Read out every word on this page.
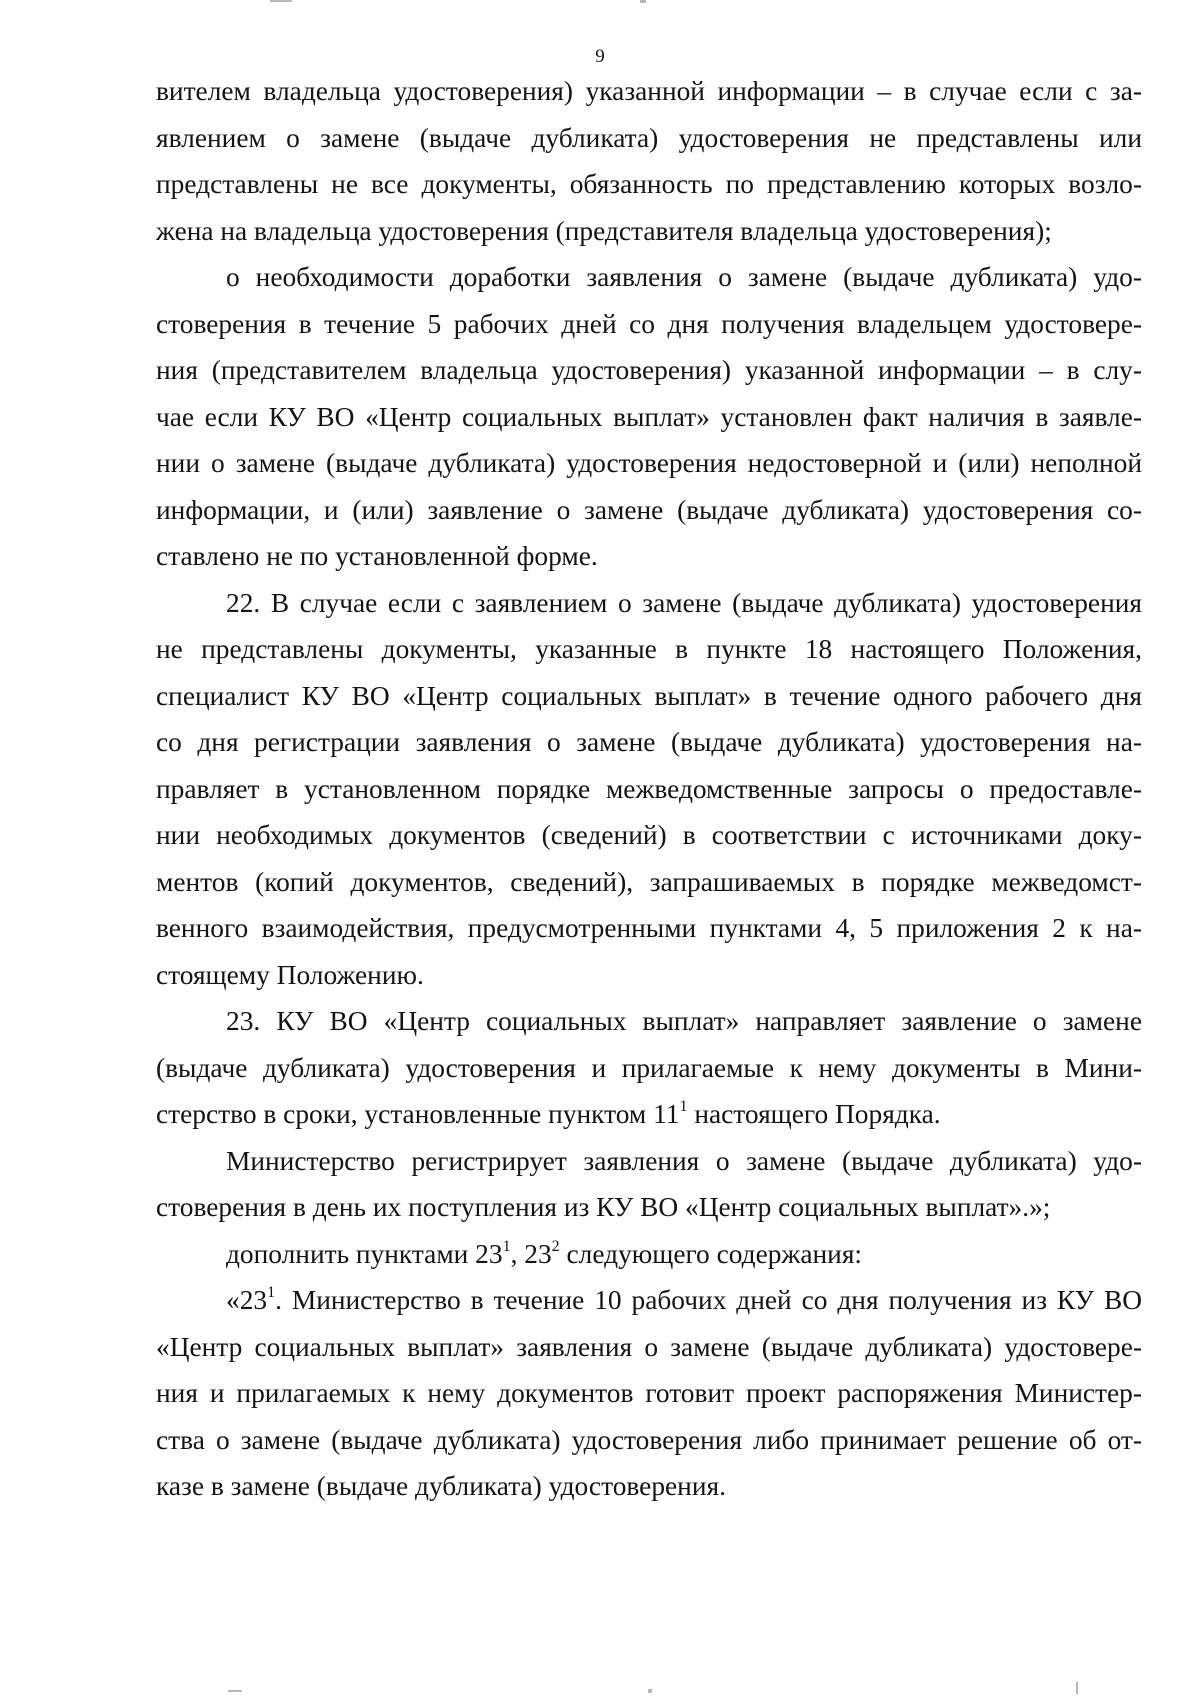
9

вителем владельца удостоверения) указанной информации – в случае если с за-
явлением о замене (выдаче дубликата) удостоверения не представлены или
представлены не все документы, обязанность по представлению которых возло-
жена на владельца удостоверения (представителя владельца удостоверения);

о необходимости доработки заявления о замене (выдаче дубликата) удо-
стоверения в течение 5 рабочих дней со дня получения владельцем удостовере-
ния (представителем владельца удостоверения) указанной информации – в слу-
чае если КУ ВО «Центр социальных выплат» установлен факт наличия в заявле-
нии о замене (выдаче дубликата) удостоверения недостоверной и (или) неполной
информации, и (или) заявление о замене (выдаче дубликата) удостоверения со-
ставлено не по установленной форме.

22. В случае если с заявлением о замене (выдаче дубликата) удостоверения
не представлены документы, указанные в пункте 18 настоящего Положения,
специалист КУ ВО «Центр социальных выплат» в течение одного рабочего дня
со дня регистрации заявления о замене (выдаче дубликата) удостоверения на-
правляет в установленном порядке межведомственные запросы о предоставле-
нии необходимых документов (сведений) в соответствии с источниками доку-
ментов (копий документов, сведений), запрашиваемых в порядке межведомст-
венного взаимодействия, предусмотренными пунктами 4, 5 приложения 2 к на-
стоящему Положению.

23. КУ ВО «Центр социальных выплат» направляет заявление о замене
(выдаче дубликата) удостоверения и прилагаемые к нему документы в Мини-
стерство в сроки, установленные пунктом $11^1$ настоящего Порядка.

Министерство регистрирует заявления о замене (выдаче дубликата) удо-
стоверения в день их поступления из КУ ВО «Центр социальных выплат».»;

дополнить пунктами $23^1$, $23^2$ следующего содержания:

«$23^1$. Министерство в течение 10 рабочих дней со дня получения из КУ ВО
«Центр социальных выплат» заявления о замене (выдаче дубликата) удостовере-
ния и прилагаемых к нему документов готовит проект распоряжения Министер-
ства о замене (выдаче дубликата) удостоверения либо принимает решение об от-
казе в замене (выдаче дубликата) удостоверения.
